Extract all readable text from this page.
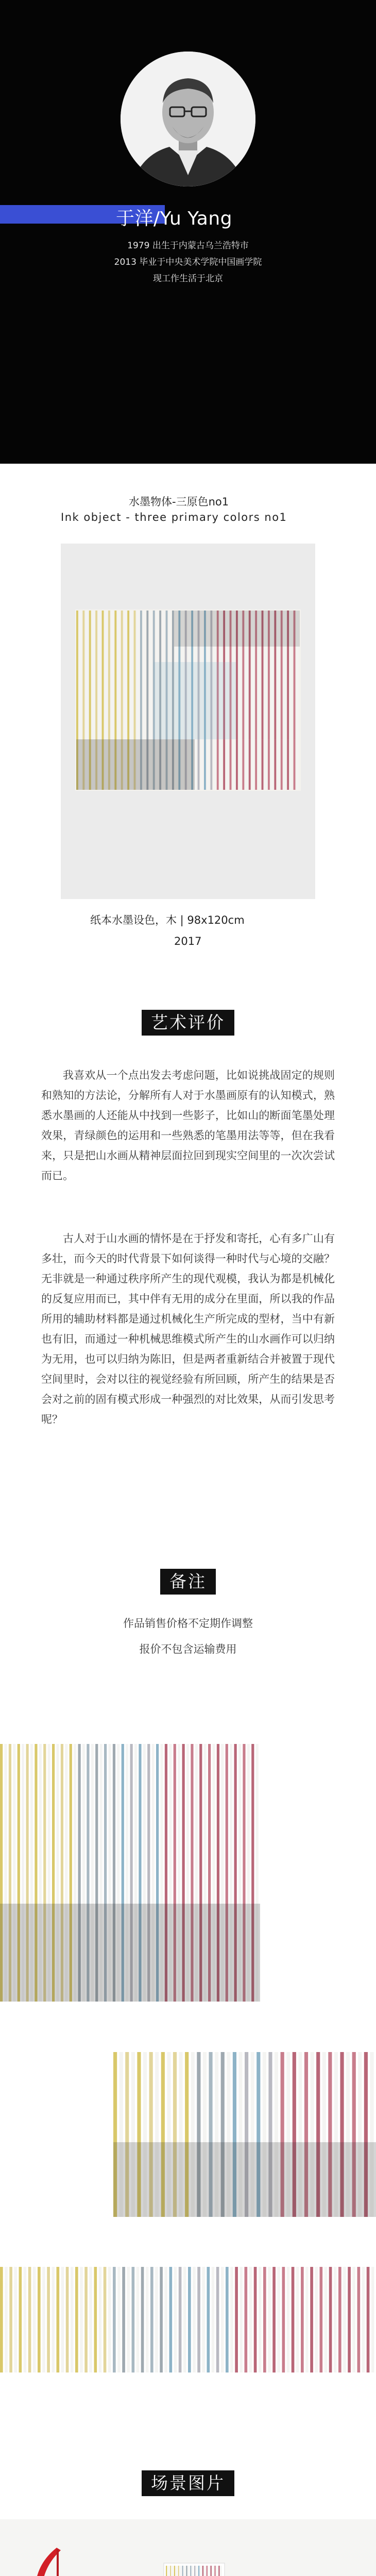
于洋/Yu Yang
1979 出生于内蒙古乌兰浩特市
2013 毕业于中央美术学院中国画学院
现工作生活于北京
水墨物体-三原色no1
Ink object - three primary colors no1
纸本水墨设色，木 | 98x120cm
2017
艺术评价
我喜欢从一个点出发去考虑问题，比如说挑战固定的规则和熟知的方法论，分解所有人对于水墨画原有的认知模式，熟悉水墨画的人还能从中找到一些影子，比如山的断面笔墨处理效果，青绿颜色的运用和一些熟悉的笔墨用法等等，但在我看来，只是把山水画从精神层面拉回到现实空间里的一次次尝试而已。
古人对于山水画的情怀是在于抒发和寄托，心有多广山有多壮，而今天的时代背景下如何谈得一种时代与心境的交融？无非就是一种通过秩序所产生的现代观模，我认为都是机械化的反复应用而已，其中伴有无用的成分在里面，所以我的作品所用的辅助材料都是通过机械化生产所完成的型材，当中有新也有旧，而通过一种机械思维模式所产生的山水画作可以归纳为无用，也可以归纳为陈旧，但是两者重新结合并被置于现代空间里时，会对以往的视觉经验有所回顾，所产生的结果是否会对之前的固有模式形成一种强烈的对比效果，从而引发思考呢？
备注
作品销售价格不定期作调整
报价不包含运输费用
场景图片
